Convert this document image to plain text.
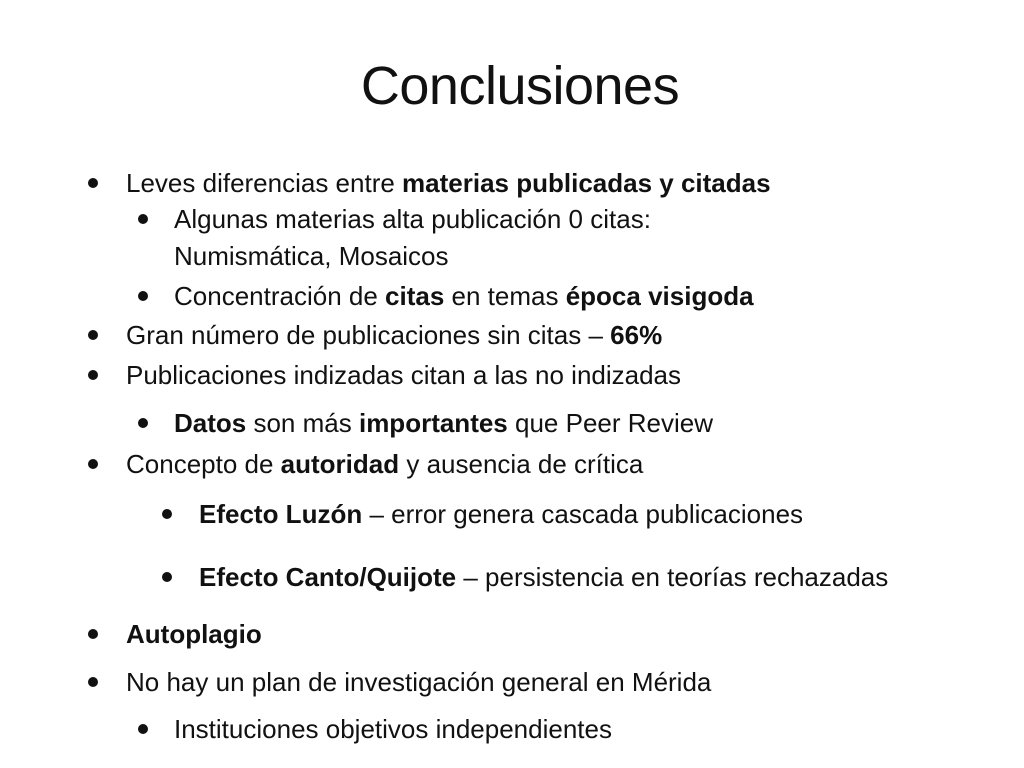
Conclusiones
Leves diferencias entre materias publicadas y citadas
Algunas materias alta publicación 0 citas:
Numismática, Mosaicos
Concentración de citas en temas época visigoda
Gran número de publicaciones sin citas – 66%
Publicaciones indizadas citan a las no indizadas
Datos son más importantes que Peer Review
Concepto de autoridad y ausencia de crítica
Efecto Luzón – error genera cascada publicaciones
Efecto Canto/Quijote – persistencia en teorías rechazadas
Autoplagio
No hay un plan de investigación general en Mérida
Instituciones objetivos independientes
